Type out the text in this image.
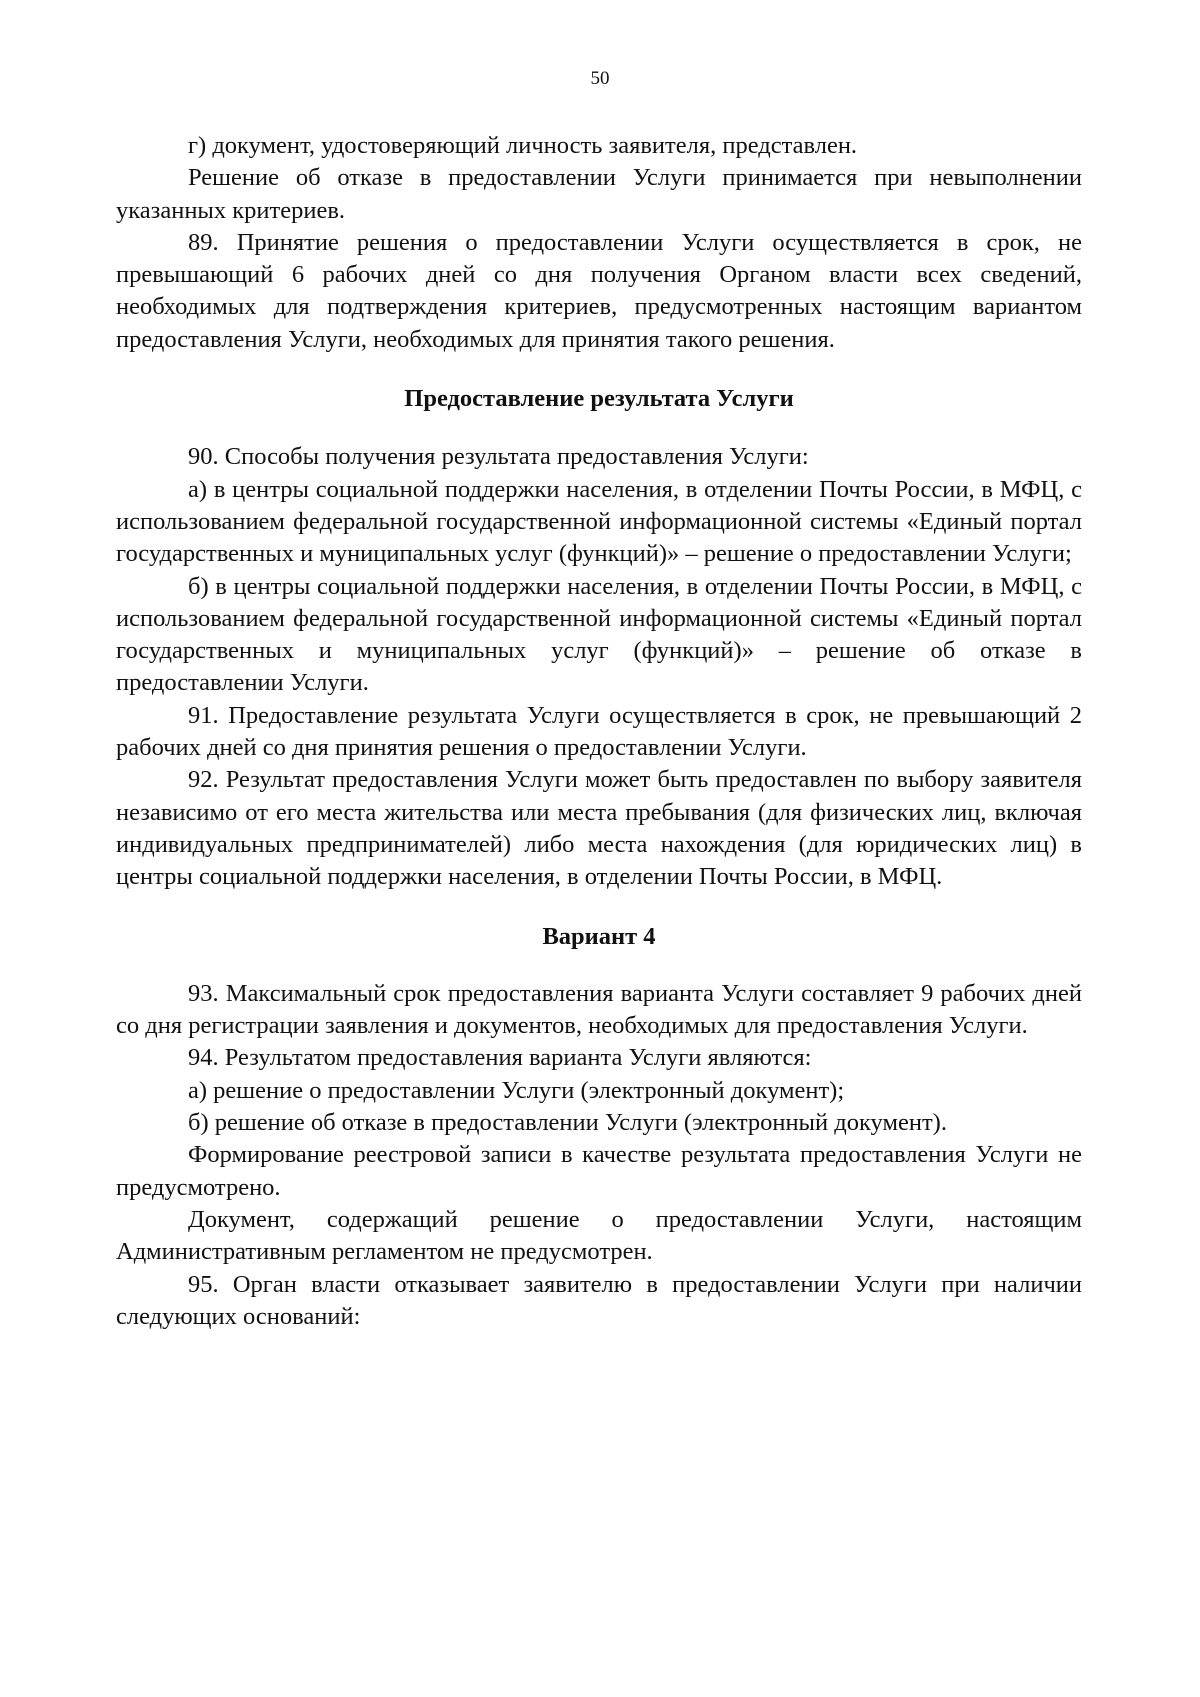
50

г) документ, удостоверяющий личность заявителя, представлен.

Решение об отказе в предоставлении Услуги принимается при невыполнении указанных критериев.

89. Принятие решения о предоставлении Услуги осуществляется в срок, не превышающий 6 рабочих дней со дня получения Органом власти всех сведений, необходимых для подтверждения критериев, предусмотренных настоящим вариантом предоставления Услуги, необходимых для принятия такого решения.

Предоставление результата Услуги

90. Способы получения результата предоставления Услуги:

а) в центры социальной поддержки населения, в отделении Почты России, в МФЦ, с использованием федеральной государственной информационной системы «Единый портал государственных и муниципальных услуг (функций)» – решение о предоставлении Услуги;

б) в центры социальной поддержки населения, в отделении Почты России, в МФЦ, с использованием федеральной государственной информационной системы «Единый портал государственных и муниципальных услуг (функций)» – решение об отказе в предоставлении Услуги.

91. Предоставление результата Услуги осуществляется в срок, не превышающий 2 рабочих дней со дня принятия решения о предоставлении Услуги.

92. Результат предоставления Услуги может быть предоставлен по выбору заявителя независимо от его места жительства или места пребывания (для физических лиц, включая индивидуальных предпринимателей) либо места нахождения (для юридических лиц) в центры социальной поддержки населения, в отделении Почты России, в МФЦ.

Вариант 4

93. Максимальный срок предоставления варианта Услуги составляет 9 рабочих дней со дня регистрации заявления и документов, необходимых для предоставления Услуги.

94. Результатом предоставления варианта Услуги являются:

а) решение о предоставлении Услуги (электронный документ);

б) решение об отказе в предоставлении Услуги (электронный документ).

Формирование реестровой записи в качестве результата предоставления Услуги не предусмотрено.

Документ, содержащий решение о предоставлении Услуги, настоящим Административным регламентом не предусмотрен.

95. Орган власти отказывает заявителю в предоставлении Услуги при наличии следующих оснований:
